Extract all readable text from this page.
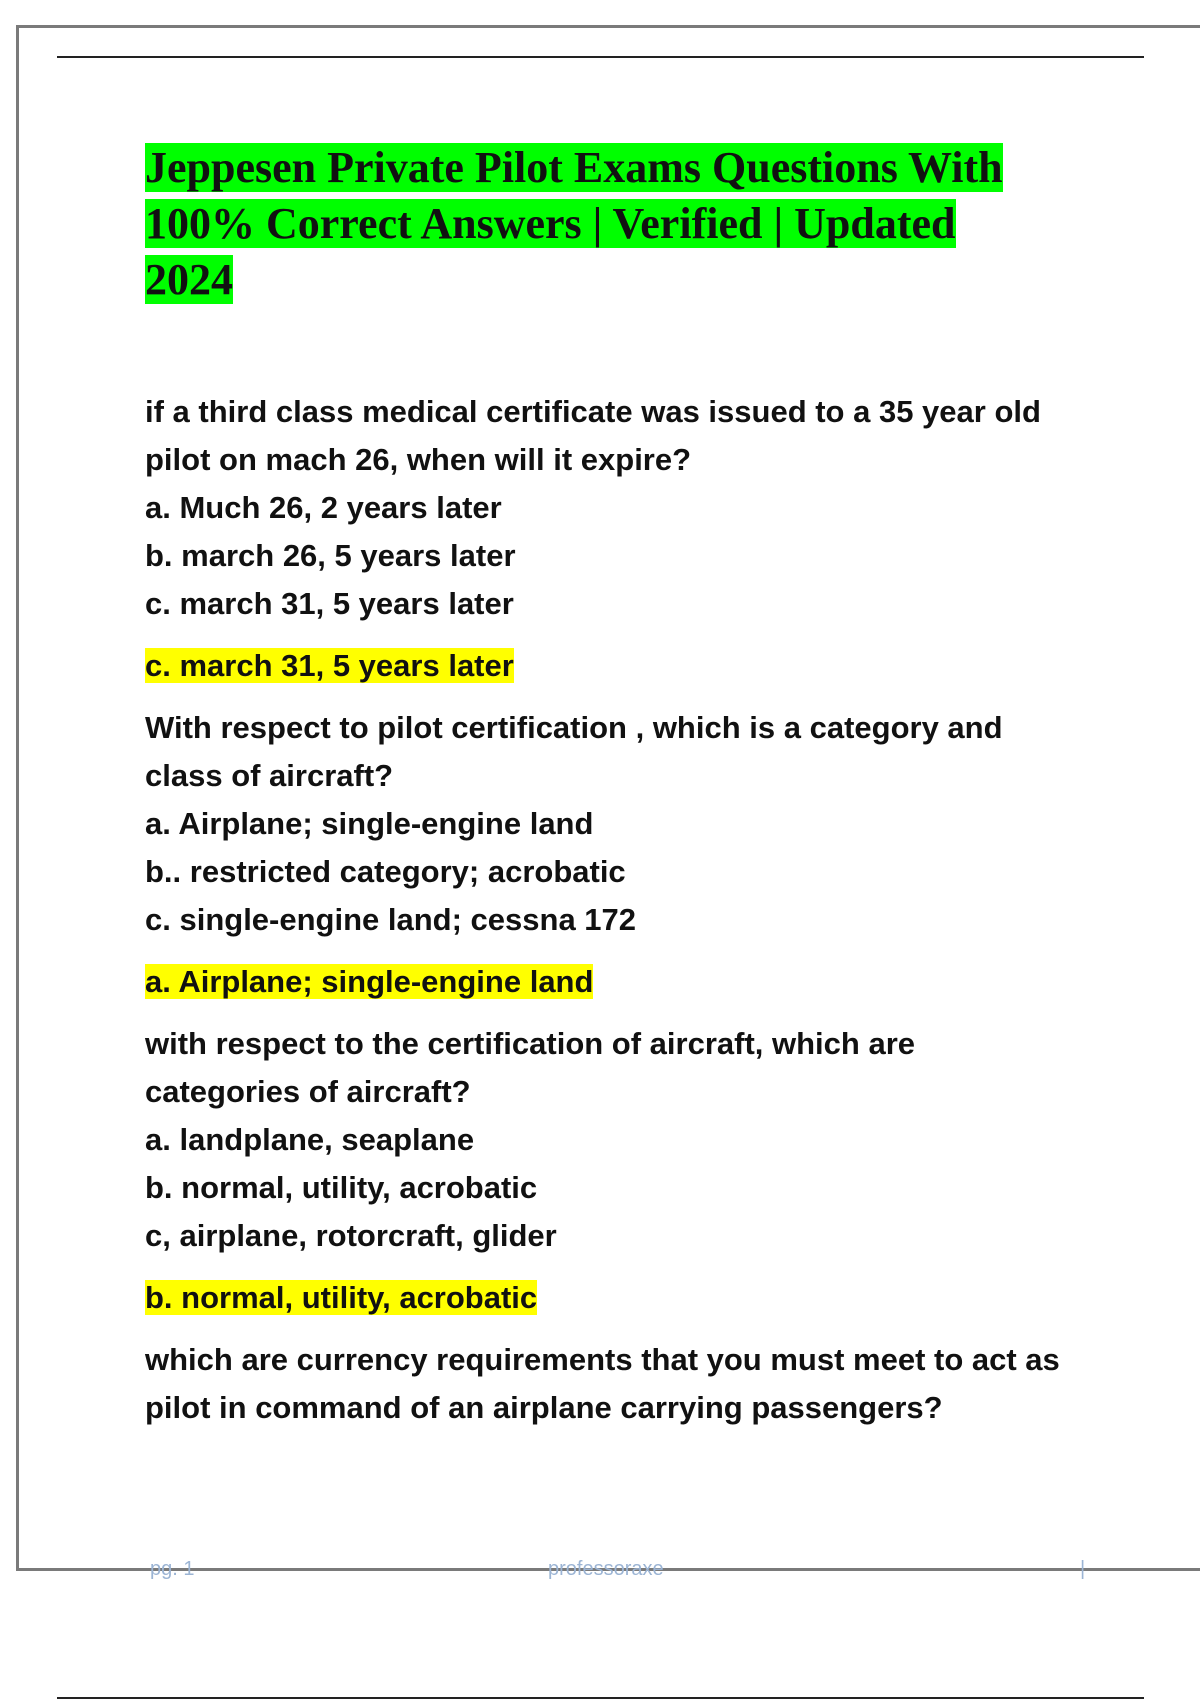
Jeppesen Private Pilot Exams Questions With
100% Correct Answers | Verified | Updated
2024

if a third class medical certificate was issued to a 35 year old
pilot on mach 26, when will it expire?

a. Much 26, 2 years later

b. march 26, 5 years later

c. march 31, 5 years later

c. march 31, 5 years later

With respect to pilot certification , which is a category and
class of aircraft?

a. Airplane; single-engine land

b.. restricted category; acrobatic

c. single-engine land; cessna 172

a. Airplane; single-engine land

with respect to the certification of aircraft, which are
categories of aircraft?

a. landplane, seaplane

b. normal, utility, acrobatic

c, airplane, rotorcraft, glider

b. normal, utility, acrobatic

which are currency requirements that you must meet to act as
pilot in command of an airplane carrying passengers?

pg. 1	professoraxe	|
